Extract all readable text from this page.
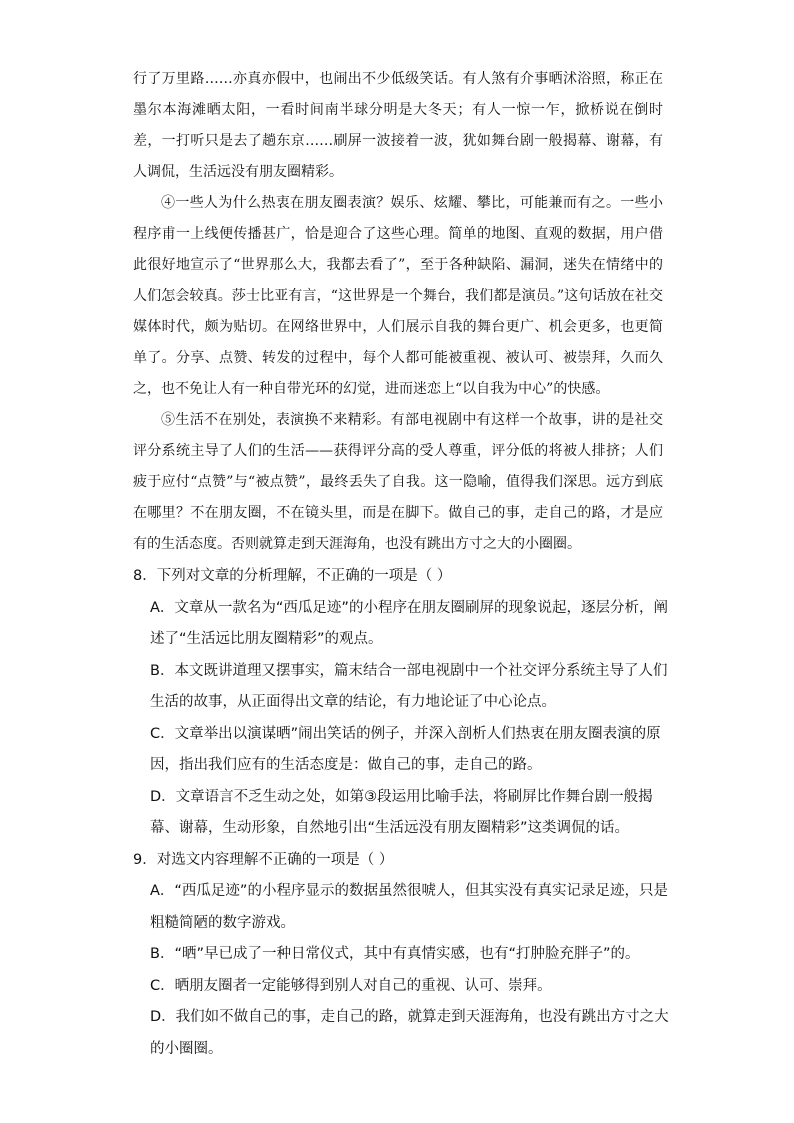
行了万里路……亦真亦假中，也闹出不少低级笑话。有人煞有介事晒沭浴照，称正在墨尔本海滩晒太阳，一看时间南半球分明是大冬天；有人一惊一乍，掀桥说在倒时差，一打听只是去了趟东京……刷屏一波接着一波，犹如舞台剧一般揭幕、谢幕，有人调侃，生活远没有朋友圈精彩。

④一些人为什么热衷在朋友圈表演？娱乐、炫耀、攀比，可能兼而有之。一些小程序甫一上线便传播甚广，恰是迎合了这些心理。简单的地图、直观的数据，用户借此很好地宣示了“世界那么大，我都去看了”，至于各种缺陷、漏洞，迷失在情绪中的人们怎会较真。莎士比亚有言，“这世界是一个舞台，我们都是演员。”这句话放在社交媒体时代，颇为贴切。在网络世界中，人们展示自我的舞台更广、机会更多，也更简单了。分享、点赞、转发的过程中，每个人都可能被重视、被认可、被崇拜，久而久之，也不免让人有一种自带光环的幻觉，进而迷恋上“以自我为中心”的快感。

⑤生活不在别处，表演换不来精彩。有部电视剧中有这样一个故事，讲的是社交评分系统主导了人们的生活——获得评分高的受人尊重，评分低的将被人排挤；人们疲于应付“点赞”与“被点赞”，最终丢失了自我。这一隐喻，值得我们深思。远方到底在哪里？不在朋友圈，不在镜头里，而是在脚下。做自己的事，走自己的路，才是应有的生活态度。否则就算走到天涯海角，也没有跳出方寸之大的小圈圈。

8．下列对文章的分析理解，不正确的一项是（ ）

A．文章从一款名为“西瓜足迹”的小程序在朋友圈刷屏的现象说起，逐层分析，阐述了“生活远比朋友圈精彩”的观点。
B．本文既讲道理又摆事实，篇末结合一部电视剧中一个社交评分系统主导了人们生活的故事，从正面得出文章的结论，有力地论证了中心论点。
C．文章举出以演谋晒”闹出笑话的例子，并深入剖析人们热衷在朋友圈表演的原因，指出我们应有的生活态度是：做自己的事，走自己的路。
D．文章语言不乏生动之处，如第③段运用比喻手法，将刷屏比作舞台剧一般揭幕、谢幕，生动形象，自然地引出“生活远没有朋友圈精彩”这类调侃的话。

9．对选文内容理解不正确的一项是（ ）

A．“西瓜足迹”的小程序显示的数据虽然很唬人，但其实没有真实记录足迹，只是粗糙简陋的数字游戏。
B．“晒”早已成了一种日常仪式，其中有真情实感，也有“打肿脸充胖子”的。
C．晒朋友圈者一定能够得到别人对自己的重视、认可、崇拜。
D．我们如不做自己的事，走自己的路，就算走到天涯海角，也没有跳出方寸之大的小圈圈。
